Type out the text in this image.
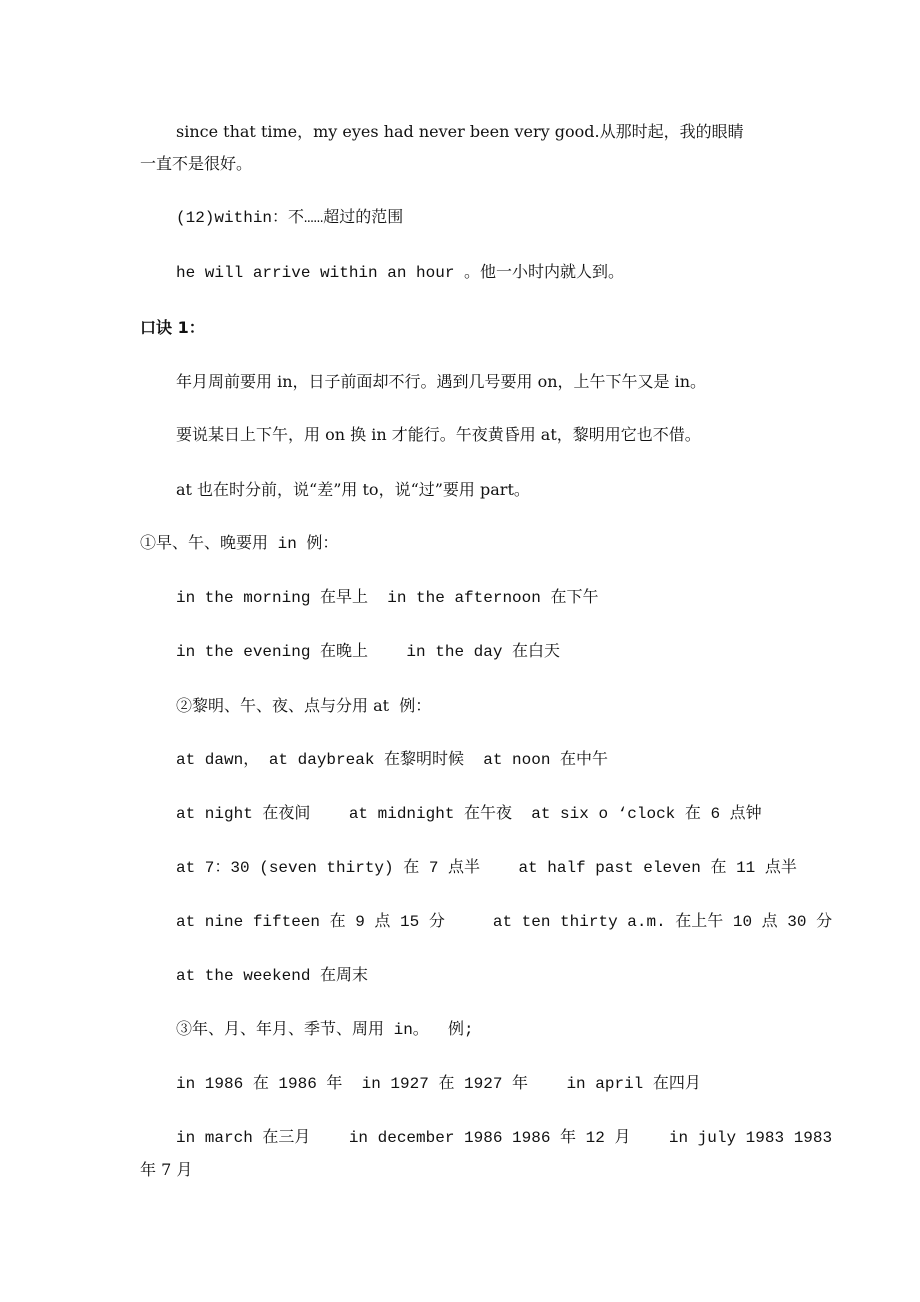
since that time，my eyes had never been very good.从那时起，我的眼睛
一直不是很好。
(12)within：不……超过的范围
he will arrive within an hour 。他一小时内就人到。
口诀 1：
年月周前要用 in，日子前面却不行。遇到几号要用 on，上午下午又是 in。
要说某日上下午，用 on 换 in 才能行。午夜黄昏用 at，黎明用它也不借。
at 也在时分前，说“差”用 to，说“过”要用 part。
①早、午、晚要用 in 例：
in the morning 在早上  in the afternoon 在下午
in the evening 在晚上    in the day 在白天
②黎明、午、夜、点与分用 at  例：
at dawn， at daybreak 在黎明时候  at noon 在中午
at night 在夜间    at midnight 在午夜  at six o ‘clock 在 6 点钟
at 7：30 (seven thirty) 在 7 点半    at half past eleven 在 11 点半
at nine fifteen 在 9 点 15 分     at ten thirty a.m. 在上午 10 点 30 分
at the weekend 在周末
③年、月、年月、季节、周用 in。  例;
in 1986 在 1986 年  in 1927 在 1927 年    in april 在四月
in march 在三月    in december 1986 1986 年 12 月    in july 1983 1983
年 7 月
